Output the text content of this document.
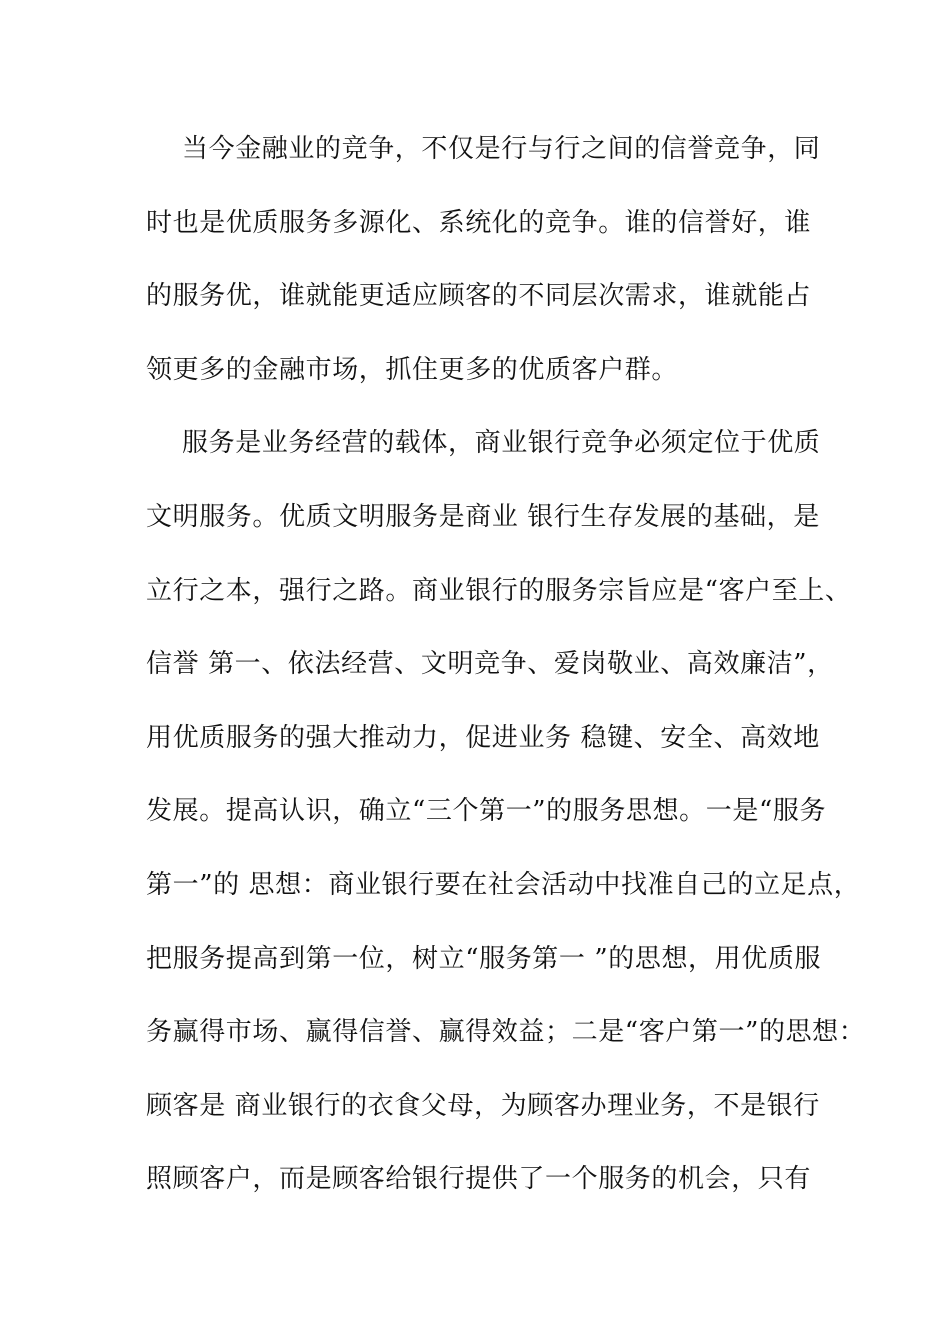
当今金融业的竞争，不仅是行与行之间的信誉竞争，同
时也是优质服务多源化、系统化的竞争。谁的信誉好，谁
的服务优，谁就能更适应顾客的不同层次需求，谁就能占
领更多的金融市场，抓住更多的优质客户群。
服务是业务经营的载体，商业银行竞争必须定位于优质
文明服务。优质文明服务是商业 银行生存发展的基础，是
立行之本，强行之路。商业银行的服务宗旨应是“客户至上、
信誉 第一、依法经营、文明竞争、爱岗敬业、高效廉洁”，
用优质服务的强大推动力，促进业务 稳键、安全、高效地
发展。提高认识，确立“三个第一”的服务思想。一是“服务
第一”的 思想：商业银行要在社会活动中找准自己的立足点，
把服务提高到第一位，树立“服务第一 ”的思想，用优质服
务赢得市场、赢得信誉、赢得效益；二是“客户第一”的思想：
顾客是 商业银行的衣食父母，为顾客办理业务，不是银行
照顾客户，而是顾客给银行提供了一个服务的机会，只有
